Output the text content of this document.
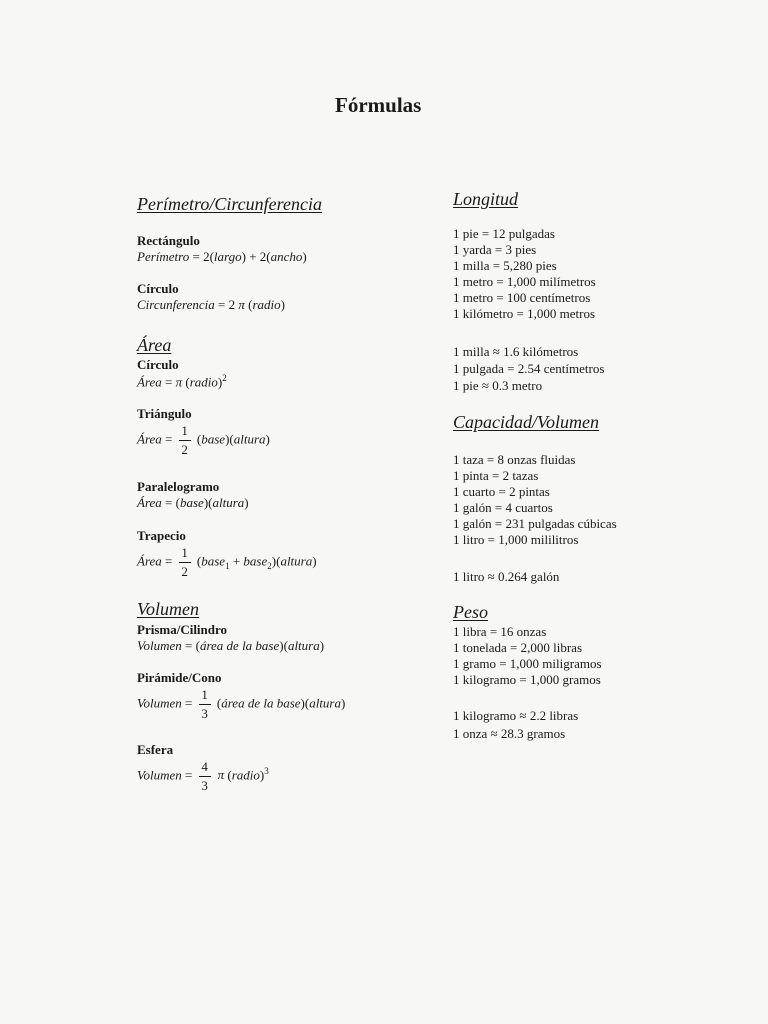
Fórmulas
Perímetro/Circunferencia
Rectángulo
Perímetro = 2(largo) + 2(ancho)
Círculo
Circunferencia = 2 π (radio)
Área
Círculo
Área = π (radio)$^2$
Triángulo
Área = $\frac{1}{2}$ (base)(altura)
Paralelogramo
Área = (base)(altura)
Trapecio
Área = $\frac{1}{2}$ (base$_1$ + base$_2$)(altura)
Volumen
Prisma/Cilindro
Volumen = (área de la base)(altura)
Pirámide/Cono
Volumen = $\frac{1}{3}$ (área de la base)(altura)
Esfera
Volumen = $\frac{4}{3}$ π (radio)$^3$
Longitud
1 pie = 12 pulgadas
1 yarda = 3 pies
1 milla = 5,280 pies
1 metro = 1,000 milímetros
1 metro = 100 centímetros
1 kilómetro = 1,000 metros
1 milla ≈ 1.6 kilómetros
1 pulgada = 2.54 centímetros
1 pie ≈ 0.3 metro
Capacidad/Volumen
1 taza = 8 onzas fluidas
1 pinta = 2 tazas
1 cuarto = 2 pintas
1 galón = 4 cuartos
1 galón = 231 pulgadas cúbicas
1 litro = 1,000 mililitros
1 litro ≈ 0.264 galón
Peso
1 libra = 16 onzas
1 tonelada = 2,000 libras
1 gramo = 1,000 miligramos
1 kilogramo = 1,000 gramos
1 kilogramo ≈ 2.2 libras
1 onza ≈ 28.3 gramos
